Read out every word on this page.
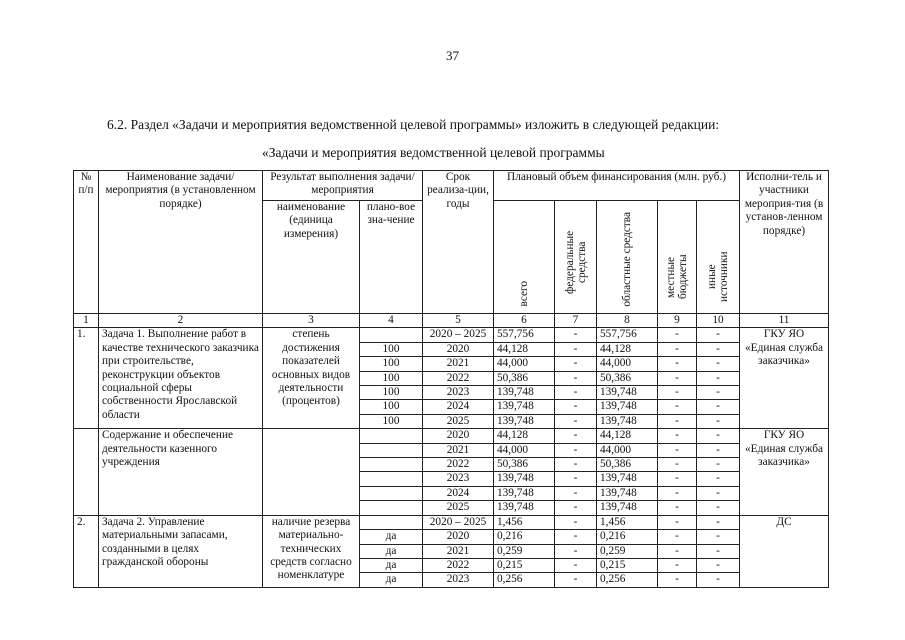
37
6.2. Раздел «Задачи и мероприятия ведомственной целевой программы» изложить в следующей редакции:
«Задачи и мероприятия ведомственной целевой программы
№ п/п	Наименование задачи/мероприятия (в установленном порядке)	Результат выполнения задачи/мероприятия		Срок реализа-ции, годы	Плановый объем финансирования (млн. руб.)					Исполни-тель и участники мероприя-тия (в установ-ленном порядке)
		наименование (единица измерения)	плано-вое зна-чение		всего	федеральные средства	областные средства	местные бюджеты	иные источники	

1	2	3	4	5	6	7	8	9	10	11
1.	Задача 1. Выполнение работ в качестве технического заказчика при строительстве, реконструкции объектов социальной сферы собственности Ярославской области	степень достижения показателей основных видов деятельности (процентов)		2020 – 2025	557,756	-	557,756	-	-	ГКУ ЯО «Единая служба заказчика»
			100	2020	44,128	-	44,128	-	-	
			100	2021	44,000	-	44,000	-	-	
			100	2022	50,386	-	50,386	-	-	
			100	2023	139,748	-	139,748	-	-	
			100	2024	139,748	-	139,748	-	-	
			100	2025	139,748	-	139,748	-	-	
	Содержание и обеспечение деятельности казенного учреждения			2020	44,128	-	44,128	-	-	ГКУ ЯО «Единая служба заказчика»
				2021	44,000	-	44,000	-	-	
				2022	50,386	-	50,386	-	-	
				2023	139,748	-	139,748	-	-	
				2024	139,748	-	139,748	-	-	
				2025	139,748	-	139,748	-	-	
2.	Задача 2. Управление материальными запасами, созданными в целях гражданской обороны	наличие резерва материально-технических средств согласно номенклатуре		2020 – 2025	1,456	-	1,456	-	-	ДС
			да	2020	0,216	-	0,216	-	-	
			да	2021	0,259	-	0,259	-	-	
			да	2022	0,215	-	0,215	-	-	
			да	2023	0,256	-	0,256	-	-	
